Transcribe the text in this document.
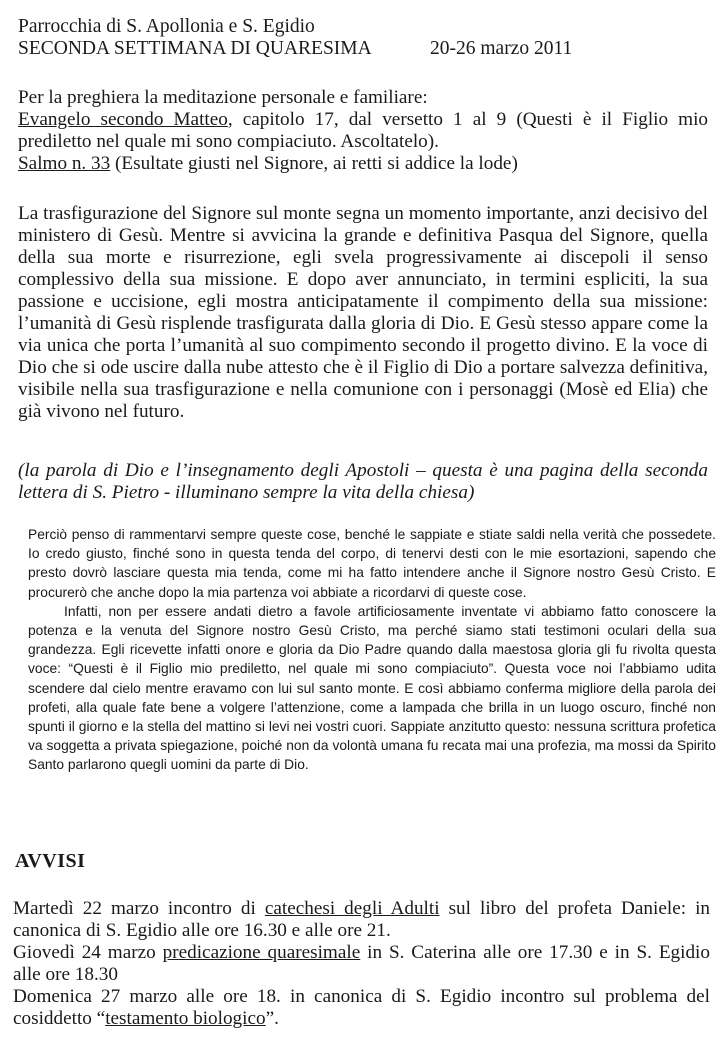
Parrocchia di S. Apollonia e S. Egidio
SECONDA SETTIMANA DI QUARESIMA	20-26 marzo 2011

Per la preghiera la meditazione personale e familiare:

Evangelo secondo Matteo, capitolo 17, dal versetto 1 al 9 (Questi è il Figlio mio prediletto nel quale mi sono compiaciuto. Ascoltatelo).

Salmo n. 33 (Esultate giusti nel Signore, ai retti si addice la lode)

La trasfigurazione del Signore sul monte segna un momento importante, anzi decisivo del ministero di Gesù. Mentre si avvicina la grande e definitiva Pasqua del Signore, quella della sua morte e risurrezione, egli svela progressivamente ai discepoli il senso complessivo della sua missione. E dopo aver annunciato, in termini espliciti, la sua passione e uccisione, egli mostra anticipatamente il compimento della sua missione: l’umanità di Gesù risplende trasfigurata dalla gloria di Dio. E Gesù stesso appare come la via unica che porta l’umanità al suo compimento secondo il progetto divino. E la voce di Dio che si ode uscire dalla nube attesto che è il Figlio di Dio a portare salvezza definitiva, visibile nella sua trasfigurazione e nella comunione con i personaggi (Mosè ed Elia) che già vivono nel futuro.

(la parola di Dio e l’insegnamento degli Apostoli – questa è una pagina della seconda lettera di S. Pietro - illuminano sempre la vita della chiesa)

Perciò penso di rammentarvi sempre queste cose, benché le sappiate e stiate saldi nella verità che possedete. Io credo giusto, finché sono in questa tenda del corpo, di tenervi desti con le mie esortazioni, sapendo che presto dovrò lasciare questa mia tenda, come mi ha fatto intendere anche il Signore nostro Gesù Cristo. E procurerò che anche dopo la mia partenza voi abbiate a ricordarvi di queste cose.

Infatti, non per essere andati dietro a favole artificiosamente inventate vi abbiamo fatto conoscere la potenza e la venuta del Signore nostro Gesù Cristo, ma perché siamo stati testimoni oculari della sua grandezza. Egli ricevette infatti onore e gloria da Dio Padre quando dalla maestosa gloria gli fu rivolta questa voce: “Questi è il Figlio mio prediletto, nel quale mi sono compiaciuto”. Questa voce noi l’abbiamo udita scendere dal cielo mentre eravamo con lui sul santo monte. E così abbiamo conferma migliore della parola dei profeti, alla quale fate bene a volgere l’attenzione, come a lampada che brilla in un luogo oscuro, finché non spunti il giorno e la stella del mattino si levi nei vostri cuori. Sappiate anzitutto questo: nessuna scrittura profetica va soggetta a privata spiegazione, poiché non da volontà umana fu recata mai una profezia, ma mossi da Spirito Santo parlarono quegli uomini da parte di Dio.

AVVISI

Martedì 22 marzo incontro di catechesi degli Adulti sul libro del profeta Daniele: in canonica di S. Egidio alle ore 16.30 e alle ore 21.

Giovedì 24 marzo predicazione quaresimale in S. Caterina alle ore 17.30 e in S. Egidio alle ore 18.30

Domenica 27 marzo alle ore 18. in canonica di S. Egidio incontro sul problema del cosiddetto “testamento biologico”.
